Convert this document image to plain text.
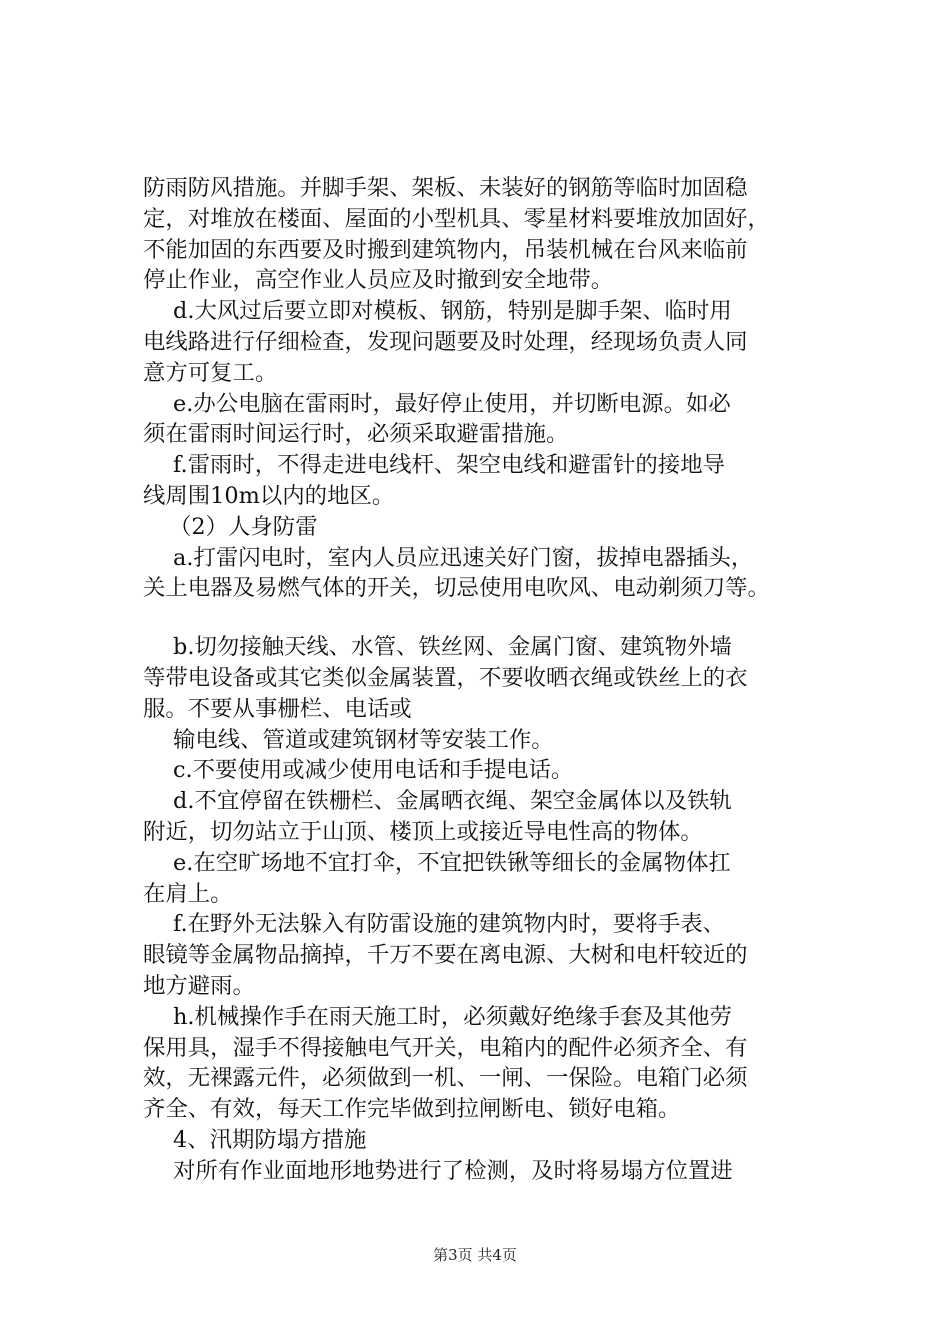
防雨防风措施。并脚手架、架板、未装好的钢筋等临时加固稳
定，对堆放在楼面、屋面的小型机具、零星材料要堆放加固好，
不能加固的东西要及时搬到建筑物内，吊装机械在台风来临前
停止作业，高空作业人员应及时撤到安全地带。
d.大风过后要立即对模板、钢筋，特别是脚手架、临时用
电线路进行仔细检查，发现问题要及时处理，经现场负责人同
意方可复工。
e.办公电脑在雷雨时，最好停止使用，并切断电源。如必
须在雷雨时间运行时，必须采取避雷措施。
f.雷雨时，不得走进电线杆、架空电线和避雷针的接地导
线周围10m以内的地区。
（2）人身防雷
a.打雷闪电时，室内人员应迅速关好门窗，拔掉电器插头，
关上电器及易燃气体的开关，切忌使用电吹风、电动剃须刀等。
b.切勿接触天线、水管、铁丝网、金属门窗、建筑物外墙
等带电设备或其它类似金属装置，不要收晒衣绳或铁丝上的衣
服。不要从事栅栏、电话或
输电线、管道或建筑钢材等安装工作。
c.不要使用或减少使用电话和手提电话。
d.不宜停留在铁栅栏、金属晒衣绳、架空金属体以及铁轨
附近，切勿站立于山顶、楼顶上或接近导电性高的物体。
e.在空旷场地不宜打伞，不宜把铁锹等细长的金属物体扛
在肩上。
f.在野外无法躲入有防雷设施的建筑物内时，要将手表、
眼镜等金属物品摘掉，千万不要在离电源、大树和电杆较近的
地方避雨。
h.机械操作手在雨天施工时，必须戴好绝缘手套及其他劳
保用具，湿手不得接触电气开关，电箱内的配件必须齐全、有
效，无裸露元件，必须做到一机、一闸、一保险。电箱门必须
齐全、有效，每天工作完毕做到拉闸断电、锁好电箱。
4、汛期防塌方措施
对所有作业面地形地势进行了检测，及时将易塌方位置进
第3页 共4页
